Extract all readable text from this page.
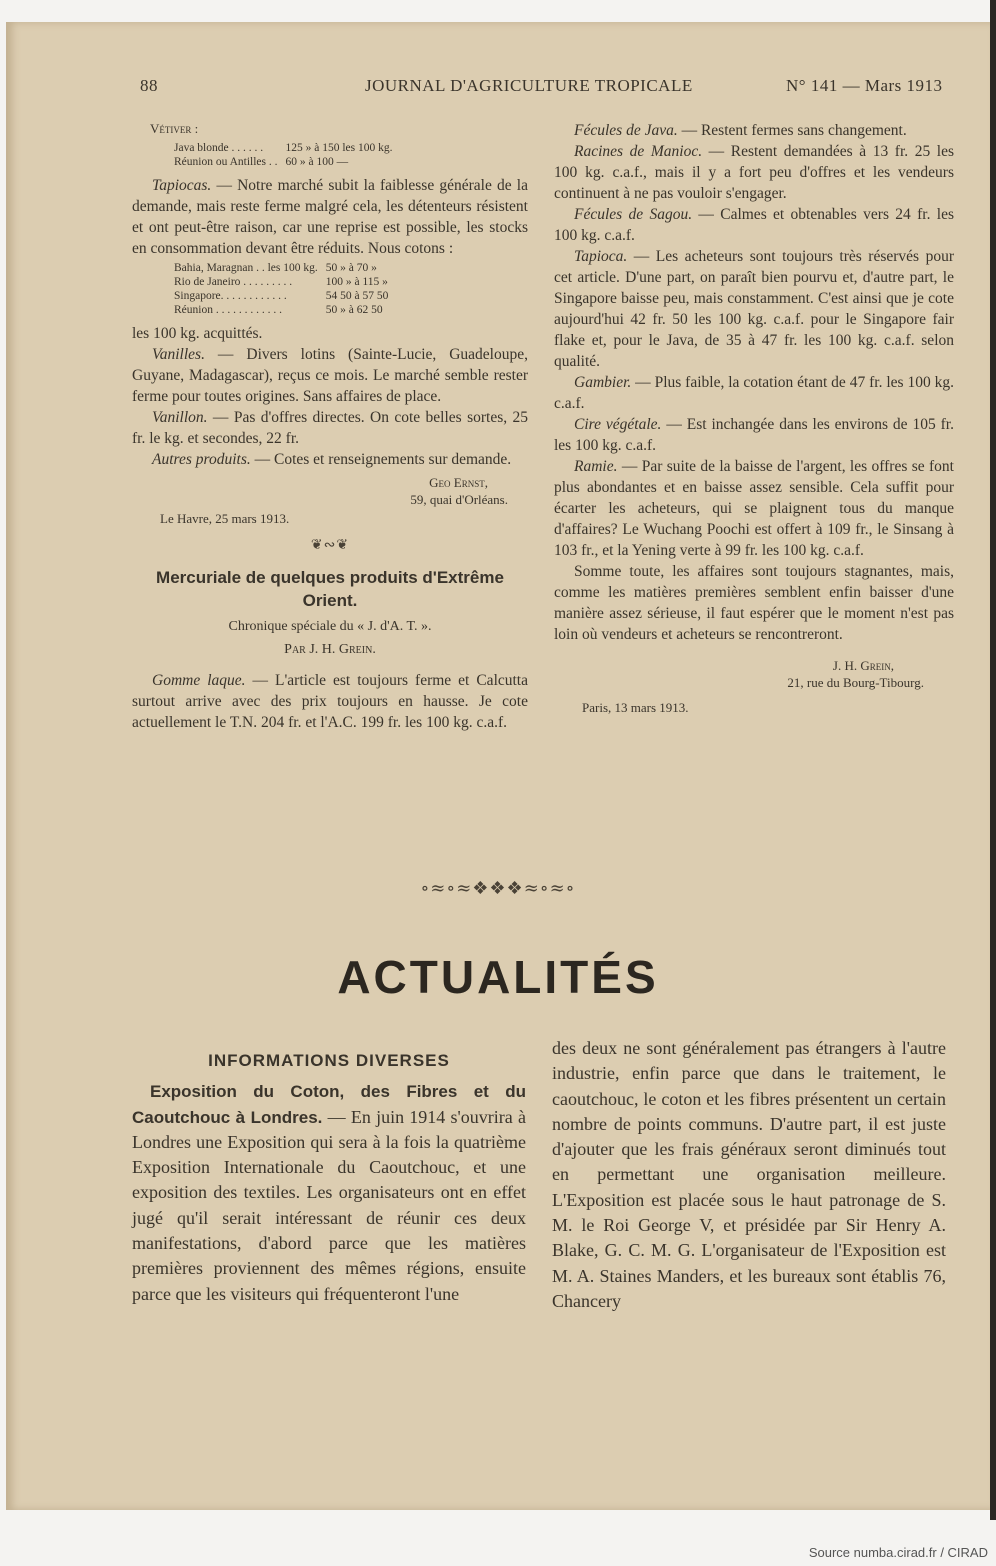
88	JOURNAL D'AGRICULTURE TROPICALE	N° 141 — Mars 1913
Vétiver :
Java blonde . . . . . .	125 » à 150 les 100 kg.
Réunion ou Antilles . .	60 » à 100 —

Tapiocas. — Notre marché subit la faiblesse générale de la demande, mais reste ferme malgré cela, les détenteurs résistent et ont peut-être raison, car une reprise est possible, les stocks en consommation devant être réduits. Nous cotons :

Bahia, Maragnan . . les 100 kg.	50 » à 70 »
Rio de Janeiro . . . . . . . . .	100 » à 115 »
Singapore. . . . . . . . . . . .	54 50 à 57 50
Réunion . . . . . . . . . . . .	50 » à 62 50

les 100 kg. acquittés.

Vanilles. — Divers lotins (Sainte-Lucie, Guadeloupe, Guyane, Madagascar), reçus ce mois. Le marché semble rester ferme pour toutes origines. Sans affaires de place.

Vanillon. — Pas d'offres directes. On cote belles sortes, 25 fr. le kg. et secondes, 22 fr.

Autres produits. — Cotes et renseignements sur demande.

Geo Ernst,
59, quai d'Orléans.
Le Havre, 25 mars 1913.
❦∾❦
Mercuriale de quelques produits d'Extrême Orient.
Chronique spéciale du « J. d'A. T. ».
Par J. H. Grein.

Gomme laque. — L'article est toujours ferme et Calcutta surtout arrive avec des prix toujours en hausse. Je cote actuellement le T.N. 204 fr. et l'A.C. 199 fr. les 100 kg. c.a.f.

Fécules de Java. — Restent fermes sans changement.

Racines de Manioc. — Restent demandées à 13 fr. 25 les 100 kg. c.a.f., mais il y a fort peu d'offres et les vendeurs continuent à ne pas vouloir s'engager.

Fécules de Sagou. — Calmes et obtenables vers 24 fr. les 100 kg. c.a.f.

Tapioca. — Les acheteurs sont toujours très réservés pour cet article. D'une part, on paraît bien pourvu et, d'autre part, le Singapore baisse peu, mais constamment. C'est ainsi que je cote aujourd'hui 42 fr. 50 les 100 kg. c.a.f. pour le Singapore fair flake et, pour le Java, de 35 à 47 fr. les 100 kg. c.a.f. selon qualité.

Gambier. — Plus faible, la cotation étant de 47 fr. les 100 kg. c.a.f.

Cire végétale. — Est inchangée dans les environs de 105 fr. les 100 kg. c.a.f.

Ramie. — Par suite de la baisse de l'argent, les offres se font plus abondantes et en baisse assez sensible. Cela suffit pour écarter les acheteurs, qui se plaignent tous du manque d'affaires? Le Wuchang Poochi est offert à 109 fr., le Sinsang à 103 fr., et la Yening verte à 99 fr. les 100 kg. c.a.f.

Somme toute, les affaires sont toujours stagnantes, mais, comme les matières premières semblent enfin baisser d'une manière assez sérieuse, il faut espérer que le moment n'est pas loin où vendeurs et acheteurs se rencontreront.

J. H. Grein,
21, rue du Bourg-Tibourg.
Paris, 13 mars 1913.
∘≈∘≈❖❖❖≈∘≈∘
ACTUALITÉS
INFORMATIONS DIVERSES

Exposition du Coton, des Fibres et du Caoutchouc à Londres. — En juin 1914 s'ouvrira à Londres une Exposition qui sera à la fois la quatrième Exposition Internationale du Caoutchouc, et une exposition des textiles. Les organisateurs ont en effet jugé qu'il serait intéressant de réunir ces deux manifestations, d'abord parce que les matières premières proviennent des mêmes régions, ensuite parce que les visiteurs qui fréquenteront l'une

des deux ne sont généralement pas étrangers à l'autre industrie, enfin parce que dans le traitement, le caoutchouc, le coton et les fibres présentent un certain nombre de points communs. D'autre part, il est juste d'ajouter que les frais généraux seront diminués tout en permettant une organisation meilleure. L'Exposition est placée sous le haut patronage de S. M. le Roi George V, et présidée par Sir Henry A. Blake, G. C. M. G. L'organisateur de l'Exposition est M. A. Staines Manders, et les bureaux sont établis 76, Chancery

Source numba.cirad.fr / CIRAD
